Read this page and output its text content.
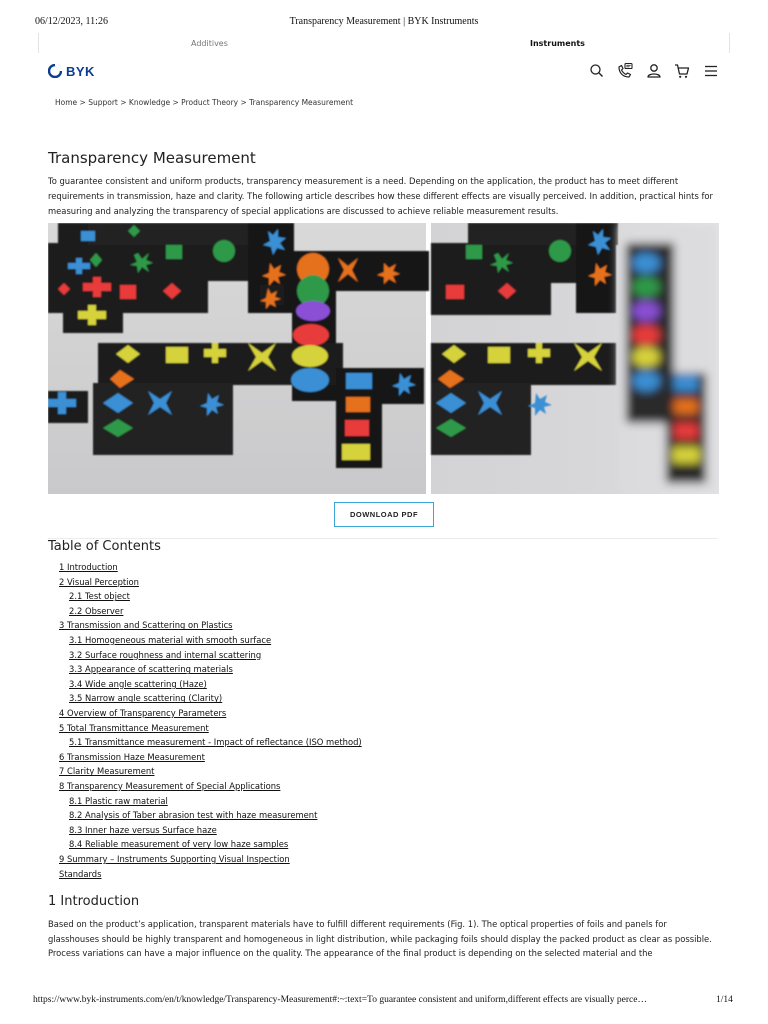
06/12/2023, 11:26	Transparency Measurement | BYK Instruments
Additives	Instruments
BYK
Home > Support > Knowledge > Product Theory > Transparency Measurement
Transparency Measurement

To guarantee consistent and uniform products, transparency measurement is a need. Depending on the application, the product has to meet different requirements in transmission, haze and clarity. The following article describes how these different effects are visually perceived. In addition, practical hints for measuring and analyzing the transparency of special applications are discussed to achieve reliable measurement results.

DOWNLOAD PDF
Table of Contents
1 Introduction
2 Visual Perception
2.1 Test object
2.2 Observer
3 Transmission and Scattering on Plastics
3.1 Homogeneous material with smooth surface
3.2 Surface roughness and internal scattering
3.3 Appearance of scattering materials
3.4 Wide angle scattering (Haze)
3.5 Narrow angle scattering (Clarity)
4 Overview of Transparency Parameters
5 Total Transmittance Measurement
5.1 Transmittance measurement - Impact of reflectance (ISO method)
6 Transmission Haze Measurement
7 Clarity Measurement
8 Transparency Measurement of Special Applications
8.1 Plastic raw material
8.2 Analysis of Taber abrasion test with haze measurement
8.3 Inner haze versus Surface haze
8.4 Reliable measurement of very low haze samples
9 Summary – Instruments Supporting Visual Inspection
Standards
1 Introduction

Based on the product’s application, transparent materials have to fulfill different requirements (Fig. 1). The optical properties of foils and panels for glasshouses should be highly transparent and homogeneous in light distribution, while packaging foils should display the packed product as clear as possible.

Process variations can have a major influence on the quality. The appearance of the final product is depending on the selected material and the

https://www.byk-instruments.com/en/t/knowledge/Transparency-Measurement#:~:text=To guarantee consistent and uniform,different effects are visually perce…	1/14
